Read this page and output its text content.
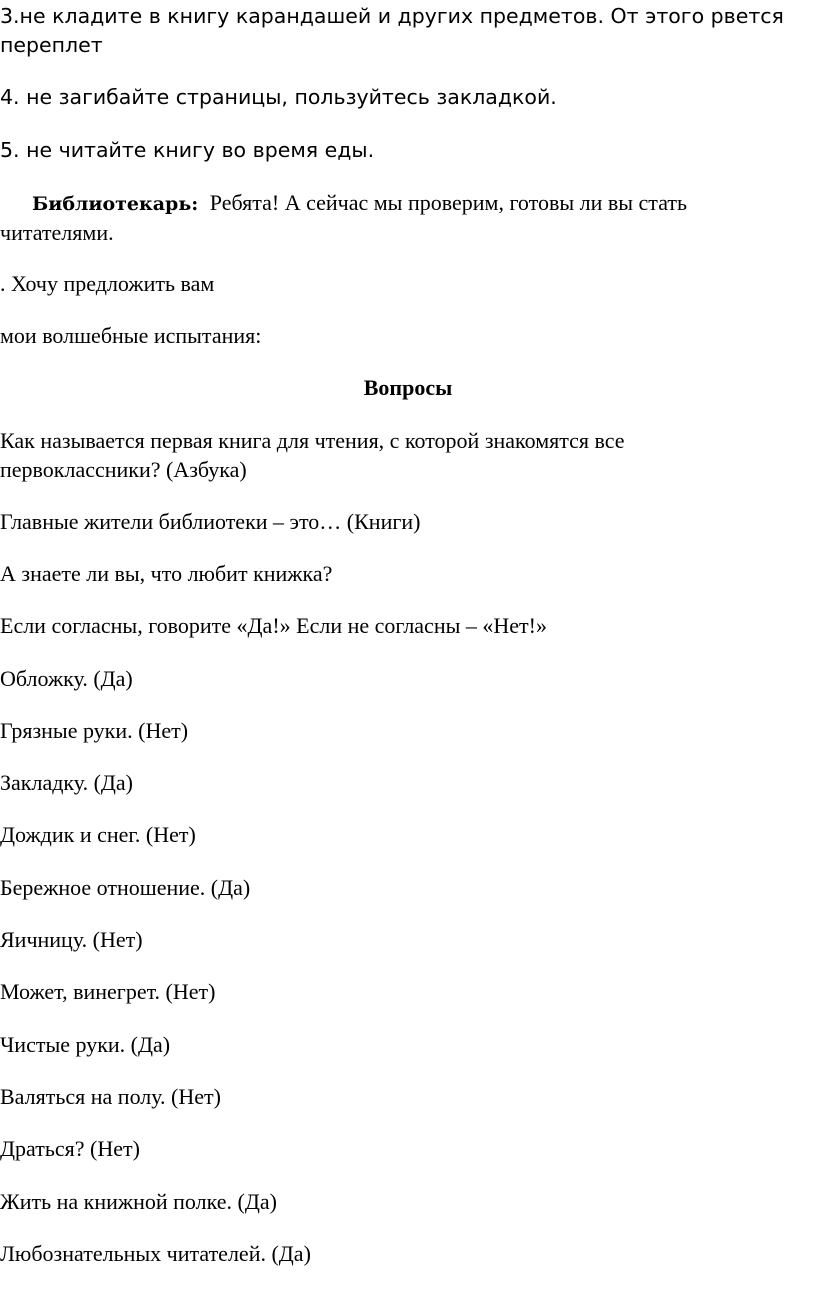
3.не кладите в книгу карандашей и других предметов. От этого рвется
переплет
4. не загибайте страницы, пользуйтесь закладкой.
5. не читайте книгу во время еды.
Библиотекарь: Ребята! А сейчас мы проверим, готовы ли вы стать
читателями.
. Хочу предложить вам
мои волшебные испытания:
Вопросы
Как называется первая книга для чтения, с которой знакомятся все
первоклассники? (Азбука)
Главные жители библиотеки – это… (Книги)
А знаете ли вы, что любит книжка?
Если согласны, говорите «Да!» Если не согласны – «Нет!»
Обложку. (Да)
Грязные руки. (Нет)
Закладку. (Да)
Дождик и снег. (Нет)
Бережное отношение. (Да)
Яичницу. (Нет)
Может, винегрет. (Нет)
Чистые руки. (Да)
Валяться на полу. (Нет)
Драться? (Нет)
Жить на книжной полке. (Да)
Любознательных читателей. (Да)
